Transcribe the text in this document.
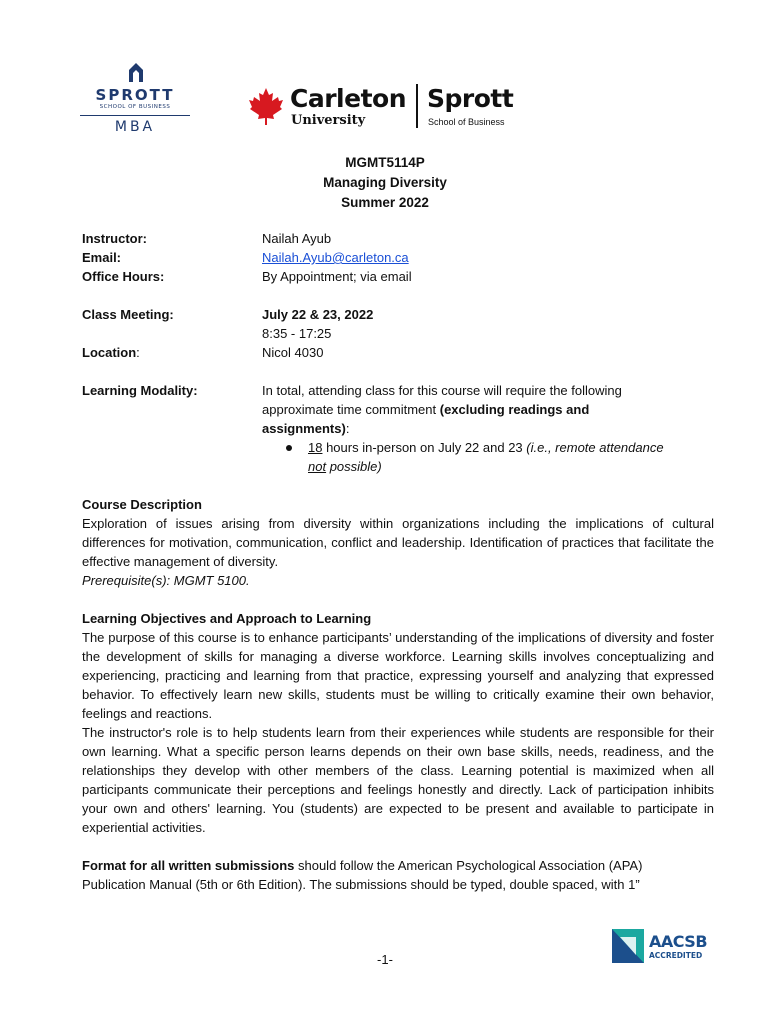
SPROTT
SCHOOL OF BUSINESS
MBA
Carleton
University
Sprott
School of Business
MGMT5114P
Managing Diversity
Summer 2022
Instructor:
Email:
Office Hours:
Class Meeting:
Location:
Learning Modality:
Nailah Ayub
Nailah.Ayub@carleton.ca
By Appointment; via email
July 22 & 23, 2022
8:35 - 17:25
Nicol 4030
In total, attending class for this course will require the following
approximate time commitment (excluding readings and
assignments):
18 hours in-person on July 22 and 23 (i.e., remote attendance
not possible)
Course Description
Exploration of issues arising from diversity within organizations including the implications of cultural differences for motivation, communication, conflict and leadership. Identification of practices that facilitate the effective management of diversity.
Prerequisite(s): MGMT 5100.
Learning Objectives and Approach to Learning
The purpose of this course is to enhance participants’ understanding of the implications of diversity and foster the development of skills for managing a diverse workforce. Learning skills involves conceptualizing and experiencing, practicing and learning from that practice, expressing yourself and analyzing that expressed behavior. To effectively learn new skills, students must be willing to critically examine their own behavior, feelings and reactions.
The instructor's role is to help students learn from their experiences while students are responsible for their own learning. What a specific person learns depends on their own base skills, needs, readiness, and the relationships they develop with other members of the class. Learning potential is maximized when all participants communicate their perceptions and feelings honestly and directly. Lack of participation inhibits your own and others' learning. You (students) are expected to be present and available to participate in experiential activities.
Format for all written submissions should follow the American Psychological Association (APA)
Publication Manual (5th or 6th Edition). The submissions should be typed, double spaced, with 1”
-1-
AACSB
ACCREDITED
